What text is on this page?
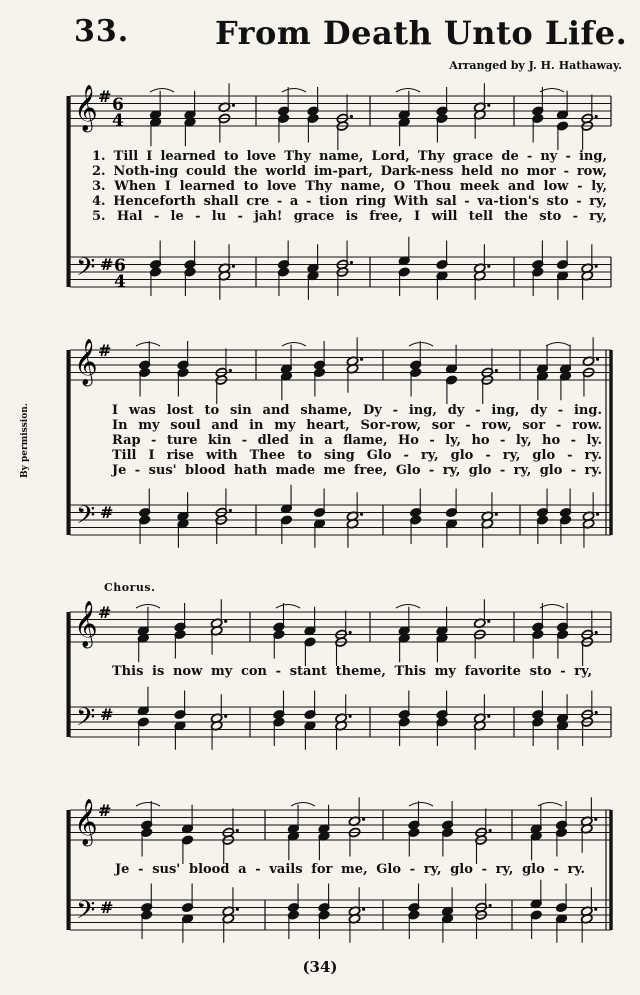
33.	From Death Unto Life.
Arranged by J. H. Hathaway.
By permission.
Chorus.
1. Till I learned to love Thy name, Lord, Thy grace de - ny - ing,
2. Noth-ing could the world im-part, Dark-ness held no mor - row,
3. When I learned to love Thy name, O Thou meek and low - ly,
4. Henceforth shall cre - a - tion ring With sal - va-tion's sto - ry,
5. Hal - le - lu - jah! grace is free, I will tell the sto - ry,
I was lost to sin and shame, Dy - ing, dy - ing, dy - ing.
In my soul and in my heart, Sor-row, sor - row, sor - row.
Rap - ture kin - dled in a flame, Ho - ly, ho - ly, ho - ly.
Till I rise with Thee to sing Glo - ry, glo - ry, glo - ry.
Je - sus' blood hath made me free, Glo - ry, glo - ry, glo - ry.
This is now my con - stant theme, This my favorite sto - ry,
Je - sus' blood a - vails for me, Glo - ry, glo - ry, glo - ry.
𝄞
𝄢
#
#
6
4
6
4
𝄞
𝄢
#
#
𝄞
𝄢
#
#
𝄞
𝄢
#
#
(34)
